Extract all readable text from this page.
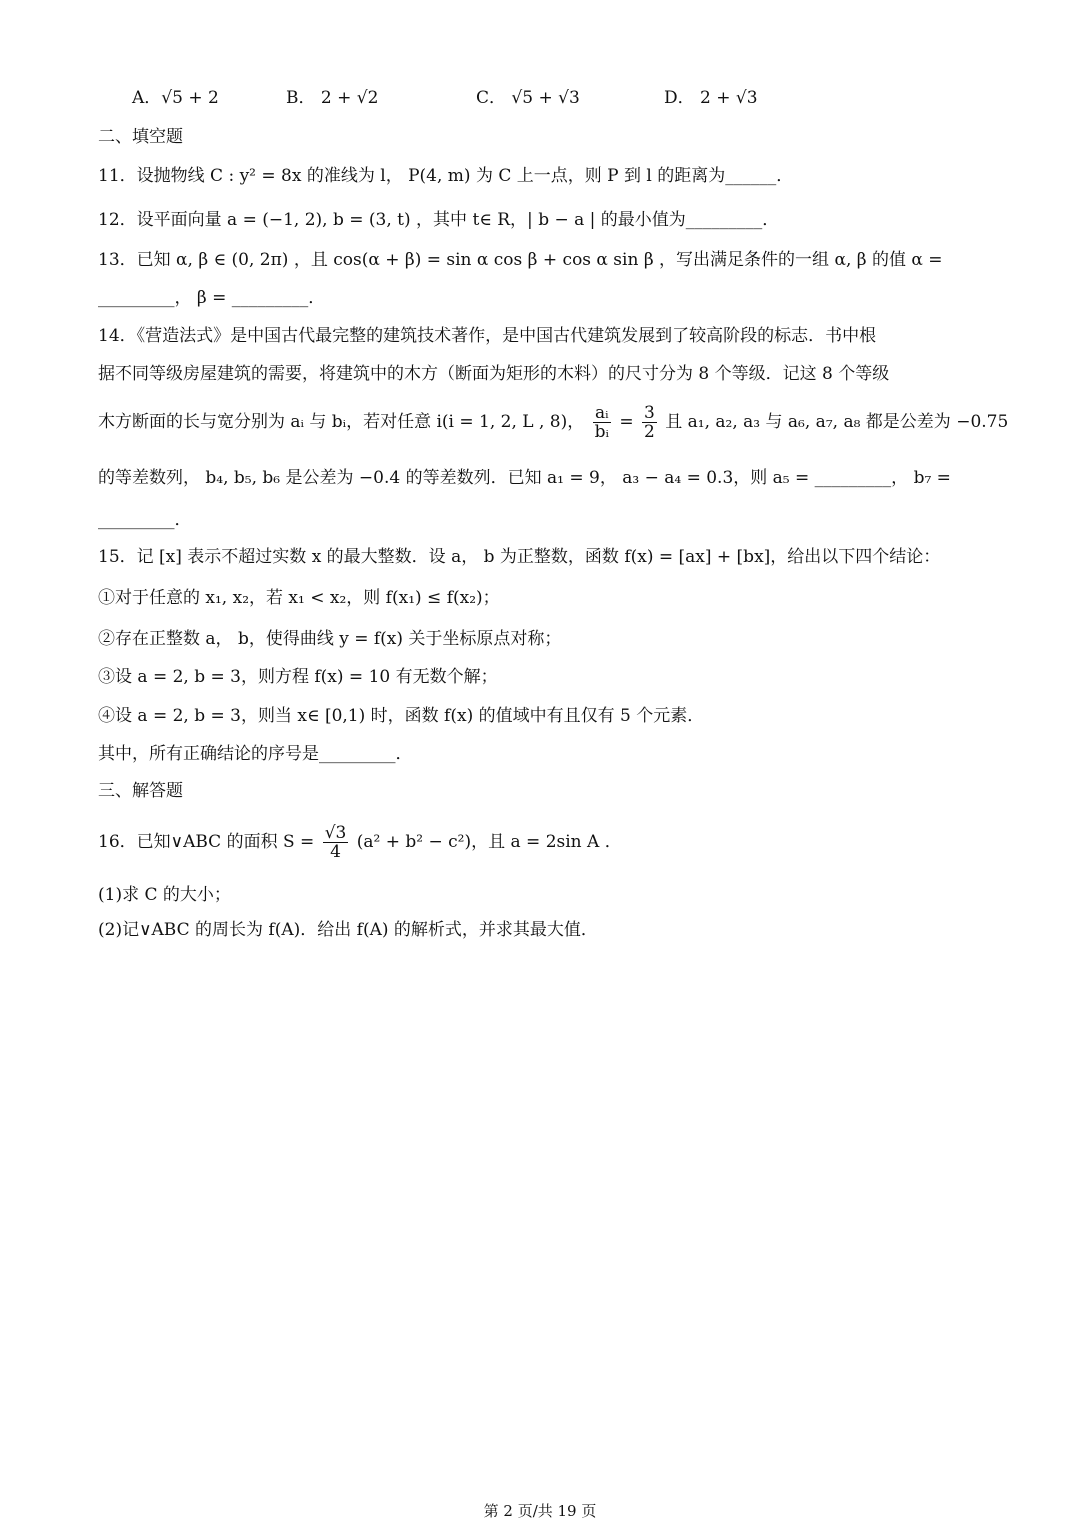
A．√5 + 2	B． 2 + √2	C． √5 + √3	D． 2 + √3
二、填空题
11．设抛物线 C : y² = 8x 的准线为 l， P(4, m) 为 C 上一点，则 P 到 l 的距离为______．
12．设平面向量 a = (−1, 2), b = (3, t) ，其中 t∈ R，| b − a | 的最小值为_________．
13．已知 α, β ∈ (0, 2π) ，且 cos(α + β) = sin α cos β + cos α sin β ，写出满足条件的一组 α, β 的值 α =
_________， β = _________．
14．《营造法式》是中国古代最完整的建筑技术著作，是中国古代建筑发展到了较高阶段的标志．书中根
据不同等级房屋建筑的需要，将建筑中的木方（断面为矩形的木料）的尺寸分为 8 个等级．记这 8 个等级
木方断面的长与宽分别为 aᵢ 与 bᵢ，若对任意 i(i = 1, 2, L , 8)， $\frac{\text{aᵢ}}{\text{bᵢ}} = \frac{3}{2}$ 且 a₁, a₂, a₃ 与 a₆, a₇, a₈ 都是公差为 −0.75
的等差数列， b₄, b₅, b₆ 是公差为 −0.4 的等差数列．已知 a₁ = 9， a₃ − a₄ = 0.3，则 a₅ = _________， b₇ =
_________．
15．记 [x] 表示不超过实数 x 的最大整数．设 a， b 为正整数，函数 f(x) = [ax] + [bx]，给出以下四个结论：
①对于任意的 x₁, x₂，若 x₁ < x₂，则 f(x₁) ≤ f(x₂)；
②存在正整数 a， b，使得曲线 y = f(x) 关于坐标原点对称；
③设 a = 2, b = 3，则方程 f(x) = 10 有无数个解；
④设 a = 2, b = 3，则当 x∈ [0,1) 时，函数 f(x) 的值域中有且仅有 5 个元素．
其中，所有正确结论的序号是_________．
三、解答题
16．已知∨ABC 的面积 $S = \frac{√3}{4} (a^2 + b^2 - c^2)$，且 a = 2sin A ．
(1)求 C 的大小；
(2)记∨ABC 的周长为 f(A)．给出 f(A) 的解析式，并求其最大值．
第 2 页/共 19 页
